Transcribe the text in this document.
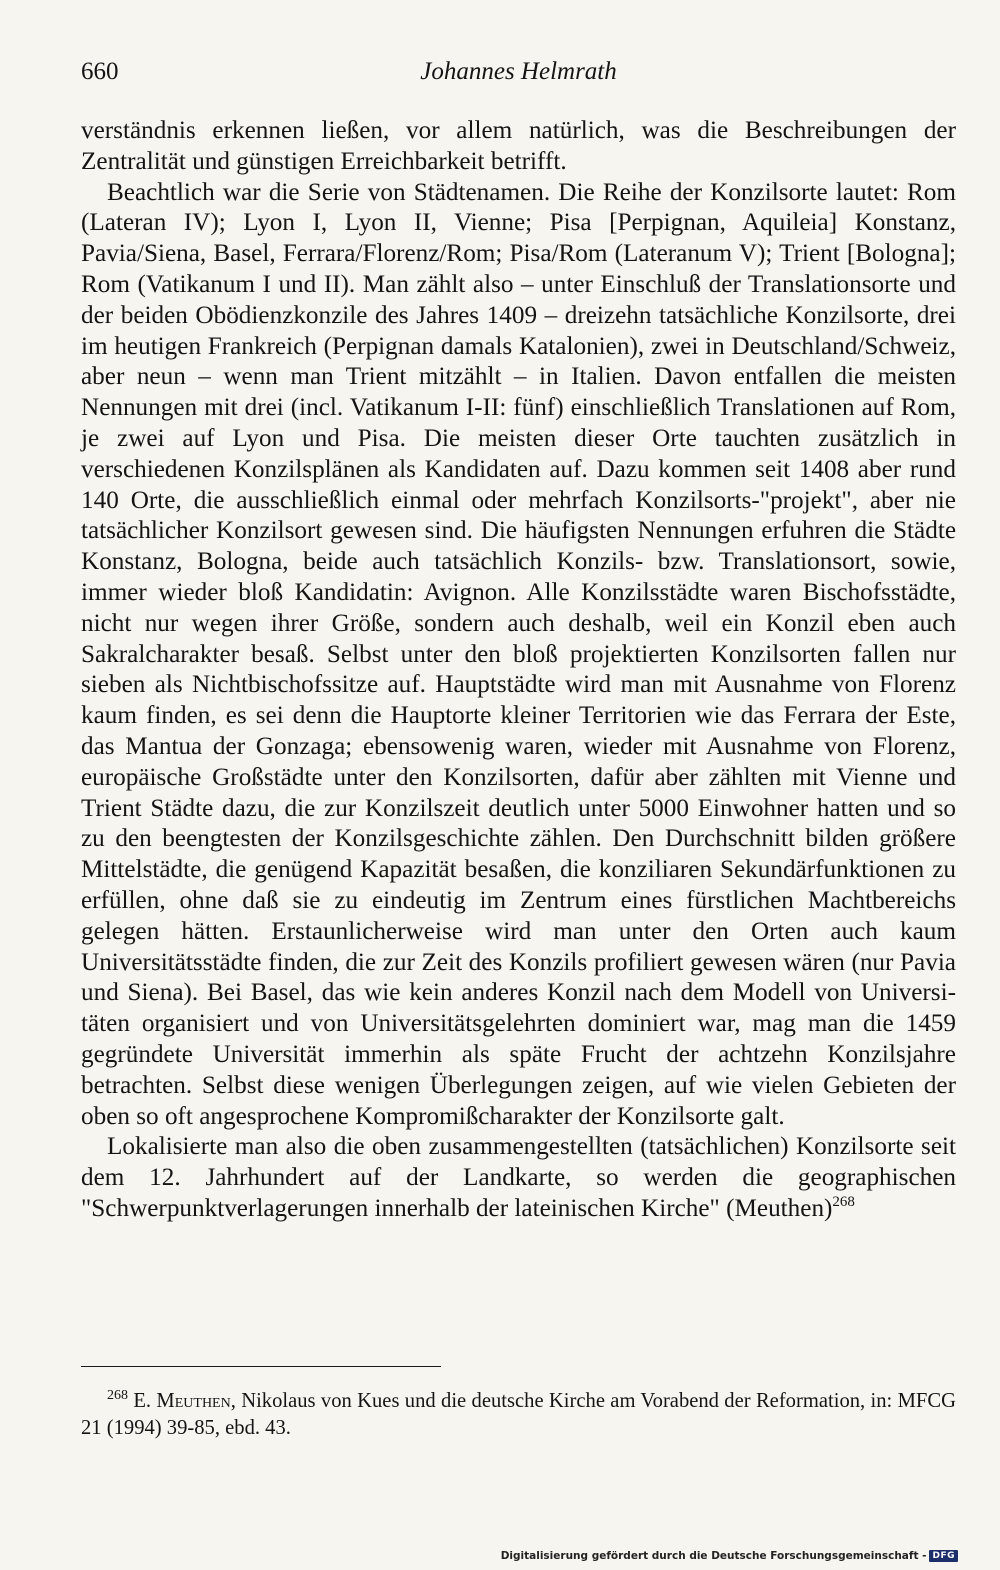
660	Johannes Helmrath

verständnis erkennen ließen, vor allem natürlich, was die Beschreibungen der Zentralität und günstigen Erreichbarkeit betrifft.

Beachtlich war die Serie von Städtenamen. Die Reihe der Konzilsorte lautet: Rom (Lateran IV); Lyon I, Lyon II, Vienne; Pisa [Perpignan, Aquileia] Konstanz, Pavia/Siena, Basel, Ferrara/Florenz/Rom; Pisa/Rom (Lateranum V); Trient [Bologna]; Rom (Vatikanum I und II). Man zählt also – unter Einschluß der Translationsorte und der beiden Obödienzkonzile des Jahres 1409 – dreizehn tatsächliche Konzilsorte, drei im heutigen Frankreich (Perpignan damals Katalonien), zwei in Deutschland/Schweiz, aber neun – wenn man Trient mitzählt – in Italien. Davon entfallen die meisten Nennungen mit drei (incl. Vatikanum I-II: fünf) einschließlich Translationen auf Rom, je zwei auf Lyon und Pisa. Die meisten dieser Orte tauchten zusätzlich in verschiedenen Konzilsplänen als Kandidaten auf. Dazu kommen seit 1408 aber rund 140 Orte, die ausschließlich einmal oder mehrfach Konzilsorts-"projekt", aber nie tatsächlicher Konzilsort gewesen sind. Die häufigsten Nennungen erfuhren die Städte Konstanz, Bologna, beide auch tatsächlich Konzils- bzw. Translationsort, sowie, immer wieder bloß Kandidatin: Avignon. Alle Konzilsstädte waren Bischofsstädte, nicht nur wegen ihrer Größe, sondern auch deshalb, weil ein Konzil eben auch Sakralcharakter besaß. Selbst unter den bloß projektierten Konzilsorten fallen nur sieben als Nichtbischofssitze auf. Hauptstädte wird man mit Ausnahme von Florenz kaum finden, es sei denn die Hauptorte kleiner Territorien wie das Ferrara der Este, das Mantua der Gonzaga; ebensowenig waren, wieder mit Ausnahme von Florenz, europäische Großstädte unter den Konzilsorten, dafür aber zählten mit Vienne und Trient Städte dazu, die zur Konzilszeit deutlich unter 5000 Einwohner hatten und so zu den beengtesten der Konzilsgeschichte zählen. Den Durchschnitt bilden größere Mittelstädte, die genügend Kapazität besaßen, die konziliaren Sekundärfunktionen zu erfüllen, ohne daß sie zu eindeutig im Zentrum eines fürstlichen Machtbereichs gelegen hätten. Erstaunlicherweise wird man unter den Orten auch kaum Universitätsstädte finden, die zur Zeit des Konzils profiliert gewesen wären (nur Pavia und Siena). Bei Basel, das wie kein anderes Konzil nach dem Modell von Universitäten organisiert und von Universitätsgelehrten dominiert war, mag man die 1459 gegründete Universität immerhin als späte Frucht der achtzehn Konzilsjahre betrachten. Selbst diese wenigen Überlegungen zeigen, auf wie vielen Gebieten der oben so oft angesprochene Kompromißcharakter der Konzilsorte galt.

Lokalisierte man also die oben zusammengestellten (tatsächlichen) Konzilsorte seit dem 12. Jahrhundert auf der Landkarte, so werden die geographischen "Schwerpunktverlagerungen innerhalb der lateinischen Kirche" (Meuthen)$^{268}$

$^{268}$ E. Meuthen, Nikolaus von Kues und die deutsche Kirche am Vorabend der Reformation, in: MFCG 21 (1994) 39-85, ebd. 43.
Digitalisierung gefördert durch die Deutsche Forschungsgemeinschaft - DFG
